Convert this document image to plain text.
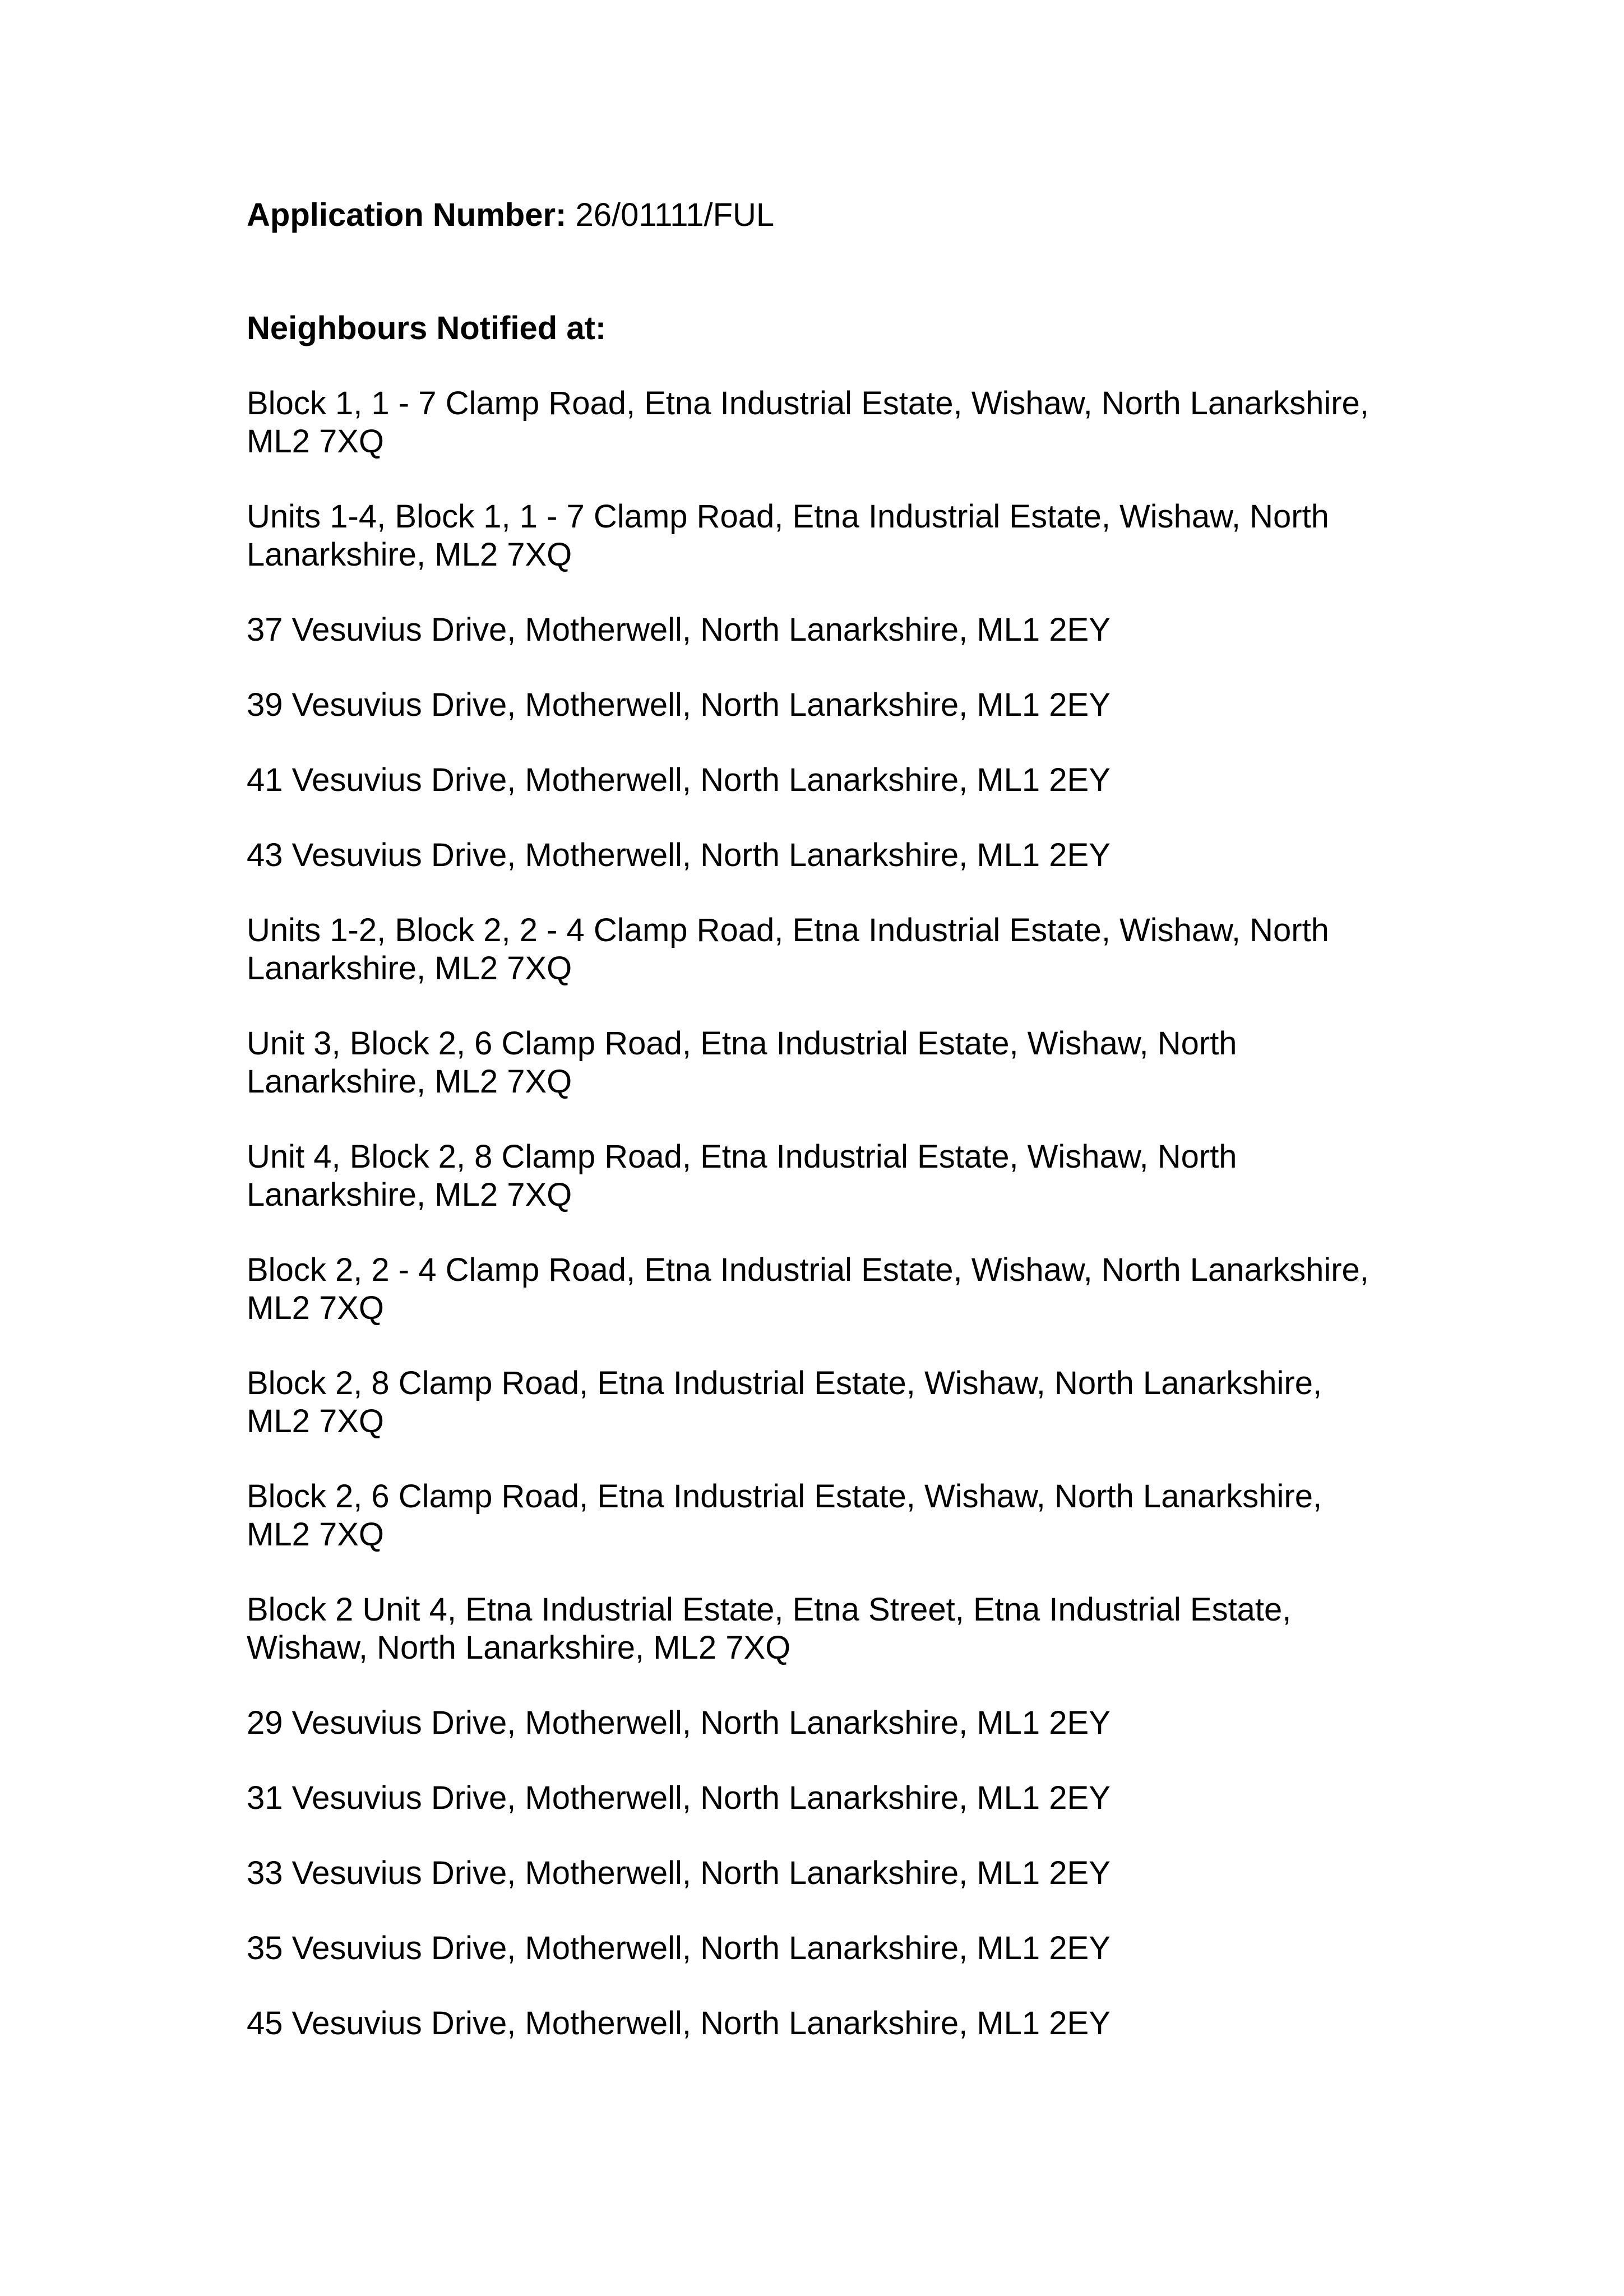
Application Number: 26/01111/FUL

Neighbours Notified at:

Block 1, 1 - 7 Clamp Road, Etna Industrial Estate, Wishaw, North Lanarkshire,
ML2 7XQ
Units 1-4, Block 1, 1 - 7 Clamp Road, Etna Industrial Estate, Wishaw, North
Lanarkshire, ML2 7XQ
37 Vesuvius Drive, Motherwell, North Lanarkshire, ML1 2EY
39 Vesuvius Drive, Motherwell, North Lanarkshire, ML1 2EY
41 Vesuvius Drive, Motherwell, North Lanarkshire, ML1 2EY
43 Vesuvius Drive, Motherwell, North Lanarkshire, ML1 2EY
Units 1-2, Block 2, 2 - 4 Clamp Road, Etna Industrial Estate, Wishaw, North
Lanarkshire, ML2 7XQ
Unit 3, Block 2, 6 Clamp Road, Etna Industrial Estate, Wishaw, North
Lanarkshire, ML2 7XQ
Unit 4, Block 2, 8 Clamp Road, Etna Industrial Estate, Wishaw, North
Lanarkshire, ML2 7XQ
Block 2, 2 - 4 Clamp Road, Etna Industrial Estate, Wishaw, North Lanarkshire,
ML2 7XQ
Block 2, 8 Clamp Road, Etna Industrial Estate, Wishaw, North Lanarkshire,
ML2 7XQ
Block 2, 6 Clamp Road, Etna Industrial Estate, Wishaw, North Lanarkshire,
ML2 7XQ
Block 2 Unit 4, Etna Industrial Estate, Etna Street, Etna Industrial Estate,
Wishaw, North Lanarkshire, ML2 7XQ
29 Vesuvius Drive, Motherwell, North Lanarkshire, ML1 2EY
31 Vesuvius Drive, Motherwell, North Lanarkshire, ML1 2EY
33 Vesuvius Drive, Motherwell, North Lanarkshire, ML1 2EY
35 Vesuvius Drive, Motherwell, North Lanarkshire, ML1 2EY
45 Vesuvius Drive, Motherwell, North Lanarkshire, ML1 2EY
